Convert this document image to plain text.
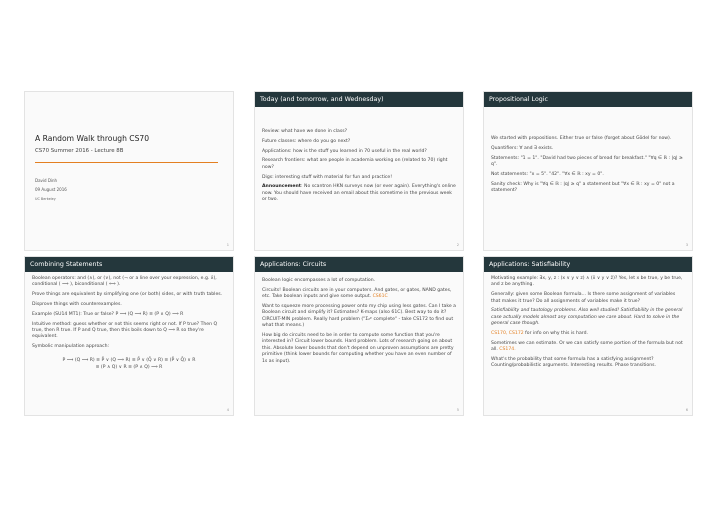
A Random Walk through CS70
CS70 Summer 2016 - Lecture 8B
David Dinh
09 August 2016
UC Berkeley
1
Today (and tomorrow, and Wednesday)

Review: what have we done in class?

Future classes: where do you go next?

Applications: how is the stuff you learned in 70 useful in the real world?

Research frontiers: what are people in academia working on (related to 70) right now?

Digs: interesting stuff with material for fun and practice!

Announcement: No scantron HKN surveys now (or ever again). Everything's online now. You should have received an email about this sometime in the previous week or two.

2
Propositional Logic

We started with propositions. Either true or false (forget about Gödel for now).

Quantifiers: ∀ and ∃ exists.

Statements: "1 = 1". "David had two pieces of bread for breakfast." "∀q ∈ ℝ : |q| ≥ q".

Not statements: "x = 5". "42". "∀x ∈ ℝ : xy = 0".

Sanity check: Why is "∀q ∈ ℝ : |q| ≥ q" a statement but "∀x ∈ ℝ : xy = 0" not a statement?

3
Combining Statements

Boolean operators: and (∧), or (∨), not (¬ or a line over your expression, e.g. x̄), conditional ( ⟹ ), biconditional ( ⟺ ).

Prove things are equivalent by simplifying one (or both) sides, or with truth tables.

Disprove things with counterexamples.

Example (SU14 MT1): True or false? P ⟹ (Q ⟹ R) ≡ (P ∧ Q) ⟹ R

Intuitive method: guess whether or not this seems right or not. If P true? Then Q true, then R true. If P and Q true, then this boils down to Q ⟹ R so they're equivalent.

Symbolic manipulation approach:

P ⟹ (Q ⟹ R) ≡ P̄ ∨ (Q ⟹ R) ≡ P̄ ∨ (Q̄ ∨ R) ≡ (P̄ ∨ Q̄) ∨ R
≡ (P ∧ Q) ∨ R ≡ (P ∧ Q) ⟹ R
4
Applications: Circuits

Boolean logic encompasses a lot of computation.

Circuits! Boolean circuits are in your computers. And gates, or gates, NAND gates, etc. Take boolean inputs and give some output. CS61C

Want to squeeze more processing power onto my chip using less gates. Can I take a Boolean circuit and simplify it? Estimates? K-maps (also 61C). Best way to do it? CIRCUIT-MIN problem. Really hard problem ("Σ₂ᵖ complete" - take CS172 to find out what that means.)

How big do circuits need to be in order to compute some function that you're interested in? Circuit lower bounds. Hard problem. Lots of research going on about this. Absolute lower bounds that don't depend on unproven assumptions are pretty primitive (think lower bounds for computing whether you have an even number of 1s as input).

5
Applications: Satisfiability

Motivating example: ∃x, y, z : (x ∨ y ∨ z) ∧ (x̄ ∨ y ∨ z̄)? Yes, let x be true, y be true, and z be anything.

Generally: given some Boolean formula... Is there some assignment of variables that makes it true? Do all assignments of variables make it true?

Satisfiability and tautology problems. Also well studied! Satisfiability in the general case actually models almost any computation we care about. Hard to solve in the general case though.

CS170, CS172 for info on why this is hard.

Sometimes we can estimate. Or we can satisfy some portion of the formula but not all. CS174.

What's the probability that some formula has a satisfying assignment? Counting/probabilistic arguments. Interesting results. Phase transitions.

6
